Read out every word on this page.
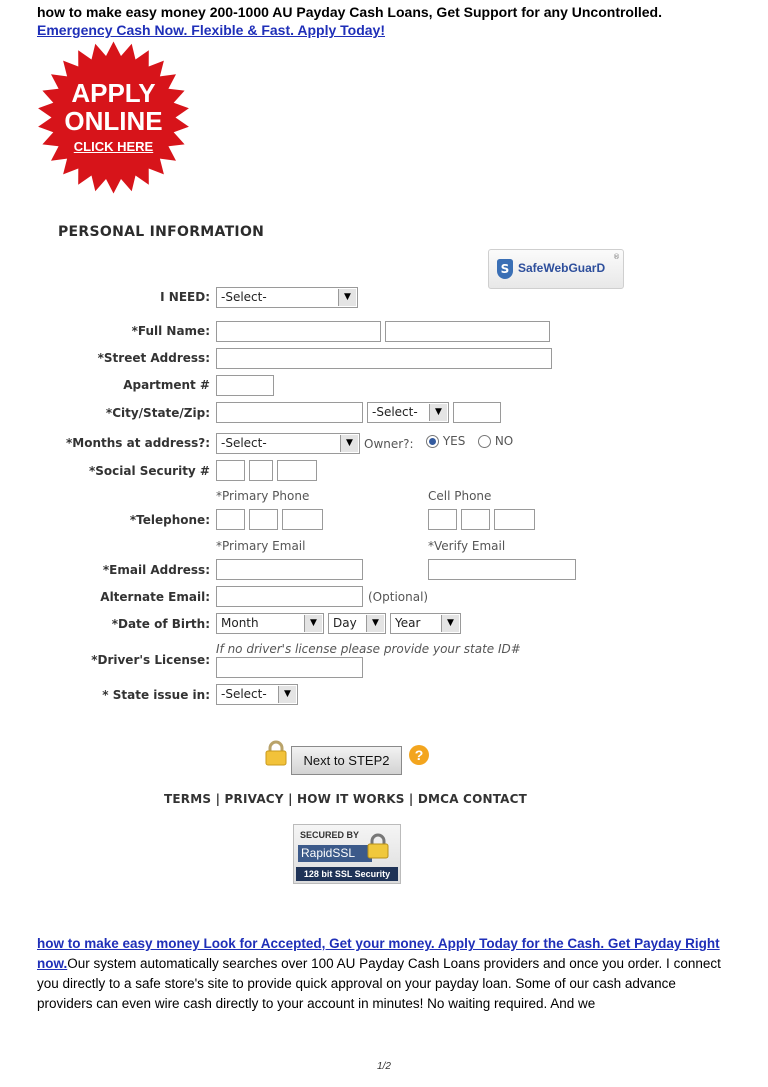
how to make easy money 200-1000 AU Payday Cash Loans, Get Support for any Uncontrolled.
Emergency Cash Now. Flexible & Fast. Apply Today!
APPLY
ONLINE
CLICK HERE
PERSONAL INFORMATION
S SafeWebGuarD
®
I NEED: -Select-	▼
*Full Name:
*Street Address:
Apartment #
*City/State/Zip:	-Select-	▼
*Months at address?: -Select-	▼ Owner?:	YES	NO
*Social Security #
*Primary Phone	Cell Phone
*Telephone:
*Primary Email	*Verify Email
*Email Address:
Alternate Email:	(Optional)
*Date of Birth: Month	▼	Day	▼	Year	▼
If no driver's license please provide your state ID#
*Driver's License:
* State issue in: -Select-	▼
Next to STEP2	?
TERMS | PRIVACY | HOW IT WORKS | DMCA CONTACT
SECURED BY
RapidSSL
128 bit SSL Security
how to make easy money Look for Accepted, Get your money. Apply Today for the Cash. Get Payday Right now.Our system automatically searches over 100 AU Payday Cash Loans providers and once you order. I connect you directly to a safe store's site to provide quick approval on your payday loan. Some of our cash advance providers can even wire cash directly to your account in minutes! No waiting required. And we
1/2
